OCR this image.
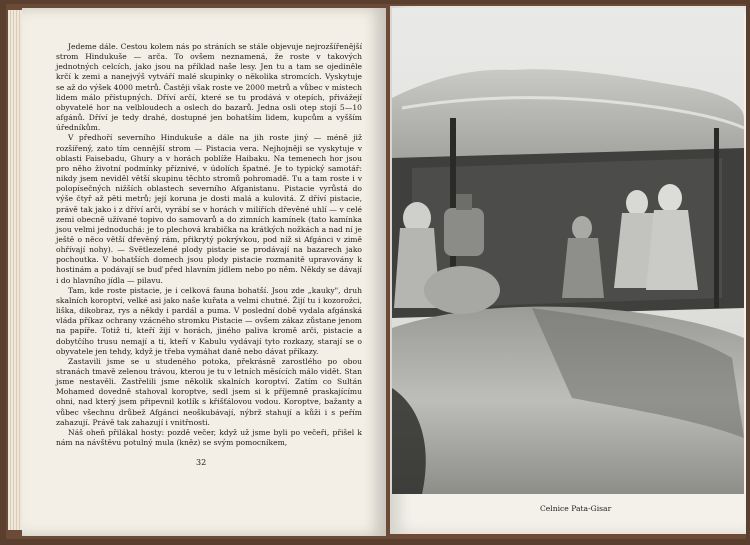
Jedeme dále. Cestou kolem nás po stráních se stále objevuje nejrozšířenější strom Hindukuše — arča. To ovšem neznamená, že roste v takových jednotných celcích, jako jsou na příklad naše lesy. Jen tu a tam se ojediněle krčí k zemi a nanejvýš vytváří malé skupinky o několika stromcích. Vyskytuje se až do výšek 4000 metrů. Častěji však roste ve 2000 metrů a vůbec v místech lidem málo přístupných. Dříví arčí, které se tu prodává v otepích, přivážejí obyvatelé hor na velbloudech a oslech do bazarů. Jedna osli otep stojí 5—10 afgánů. Dříví je tedy drahé, dostupné jen bohatším lidem, kupcům a vyšším úředníkům.

V předhoří severního Hindukuše a dále na jih roste jiný — méně již rozšířený, zato tím cennější strom — Pistacia vera. Nejhojněji se vyskytuje v oblasti Faisebadu, Ghury a v horách poblíže Haibaku. Na temenech hor jsou pro něho životní podmínky příznivé, v údolích špatné. Je to typický samotář: nikdy jsem neviděl větší skupinu těchto stromů pohromadě. Tu a tam roste i v polopísečných nižších oblastech severního Afganistanu. Pistacie vyrůstá do výše čtyř až pěti metrů; její koruna je dosti malá a kulovitá. Z dříví pistacie, právě tak jako i z dříví arči, vyrábí se v horách v milířích dřevěné uhlí — v celé zemi obecně užívané topivo do samovarů a do zimních kamínek (tato kamínka jsou velmi jednoduchá: je to plechová krabička na krátkých nožkách a nad ní je ještě o něco větší dřevěný rám, přikrytý pokrývkou, pod níž si Afgánci v zimě ohřívají nohy). — Světlezelené plody pistacie se prodávají na bazarech jako pochoutka. V bohatších domech jsou plody pistacie rozmanitě upravovány k hostinám a podávají se buď před hlavním jídlem nebo po něm. Někdy se dávají i do hlavního jídla — pilavu.

Tam, kde roste pistacie, je i celková fauna bohatší. Jsou zde „kauky", druh skalních koroptví, velké asi jako naše kuřata a velmi chutné. Žijí tu i kozorožci, liška, dikobraz, rys a někdy i pardál a puma. V poslední době vydala afgánská vláda příkaz ochrany vzácného stromku Pistacie — ovšem zákaz zůstane jenom na papíře. Totiž ti, kteří žijí v horách, jiného paliva kromě arči, pistacie a dobytčího trusu nemají a ti, kteří v Kabulu vydávají tyto rozkazy, starají se o obyvatele jen tehdy, když je třeba vymáhat daně nebo dávat příkazy.

Zastavili jsme se u studeného potoka, překrásně zarostlého po obou stranách tmavě zelenou trávou, kterou je tu v letních měsících málo vidět. Stan jsme nestavěli. Zastřelili jsme několik skalních koroptví. Zatím co Sultán Mohamed dovedně stahoval koroptve, sedl jsem si k příjemně praskajícímu ohni, nad který jsem připevnil kotlík s křišťálovou vodou. Koroptve, bažanty a vůbec všechnu drůbež Afgánci neoškubávají, nýbrž stahují a kůži i s peřím zahazují. Právě tak zahazují i vnitřnosti.

Náš oheň přilákal hosty: pozdě večer, když už jsme byli po večeři, přišel k nám na návštěvu potulný mula (kněz) se svým pomocníkem,

32
Celnice Pata-Gisar
